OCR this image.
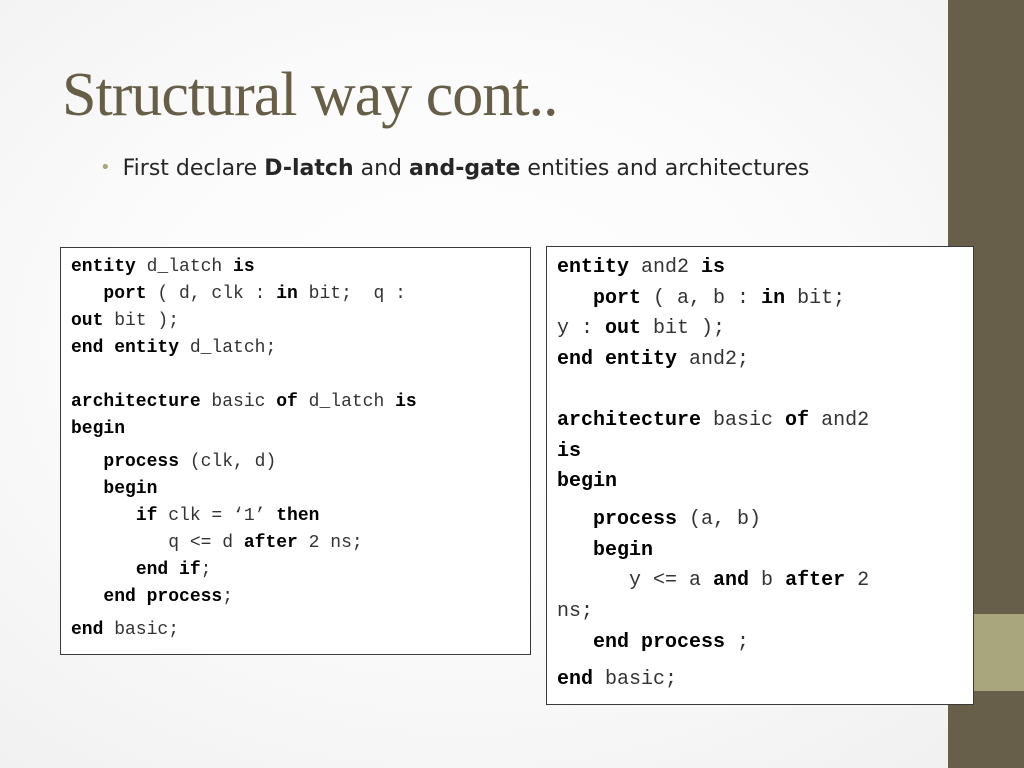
Structural way cont..
• First declare D-latch and and-gate entities and architectures
entity d_latch is
port ( d, clk : in bit;  q :
out bit );
end entity d_latch;
architecture basic of d_latch is
begin
process (clk, d)
begin
if clk = ‘1’ then
q <= d after 2 ns;
end if;
end process;
end basic;
entity and2 is
port ( a, b : in bit;
y : out bit );
end entity and2;
architecture basic of and2
is
begin
process (a, b)
begin
y <= a and b after 2
ns;
end process ;
end basic;
